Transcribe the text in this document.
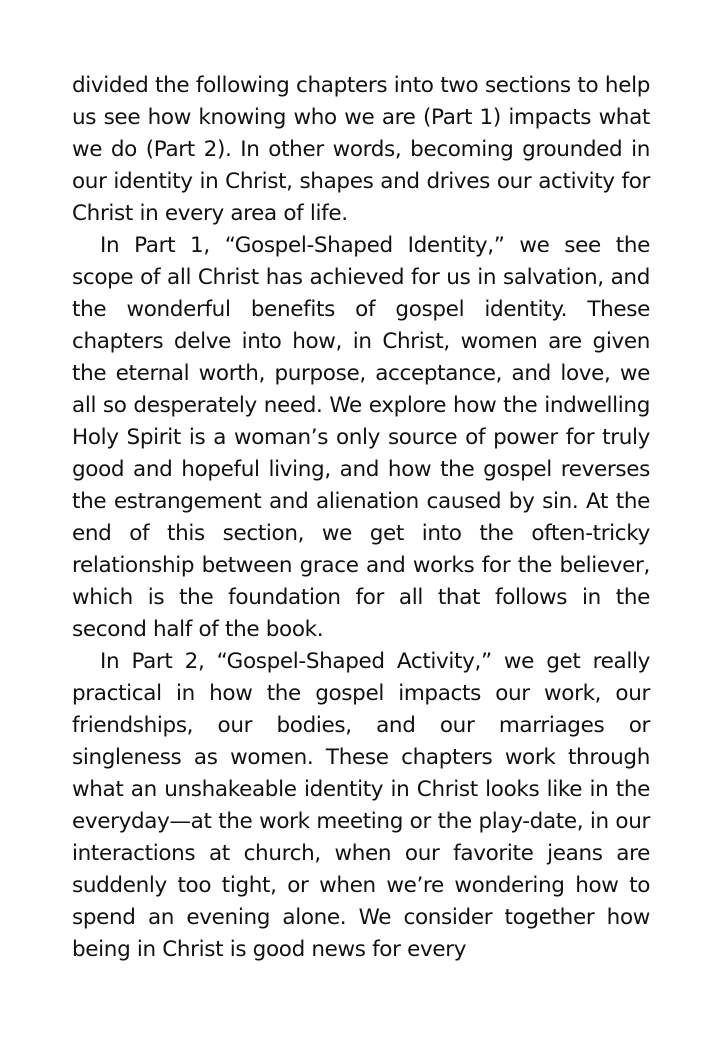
divided the following chapters into two sections to help us see how knowing who we are (Part 1) impacts what we do (Part 2). In other words, becoming grounded in our identity in Christ, shapes and drives our activity for Christ in every area of life.

In Part 1, “Gospel-Shaped Identity,” we see the scope of all Christ has achieved for us in salvation, and the wonderful benefits of gospel identity. These chapters delve into how, in Christ, women are given the eternal worth, purpose, acceptance, and love, we all so desperately need. We explore how the indwelling Holy Spirit is a woman’s only source of power for truly good and hopeful living, and how the gospel reverses the estrangement and alienation caused by sin. At the end of this section, we get into the often-tricky relationship between grace and works for the believer, which is the foundation for all that follows in the second half of the book.

In Part 2, “Gospel-Shaped Activity,” we get really practical in how the gospel impacts our work, our friendships, our bodies, and our marriages or singleness as women. These chapters work through what an unshakeable identity in Christ looks like in the everyday—at the work meeting or the play-date, in our interactions at church, when our favorite jeans are suddenly too tight, or when we’re wondering how to spend an evening alone. We consider together how being in Christ is good news for every
